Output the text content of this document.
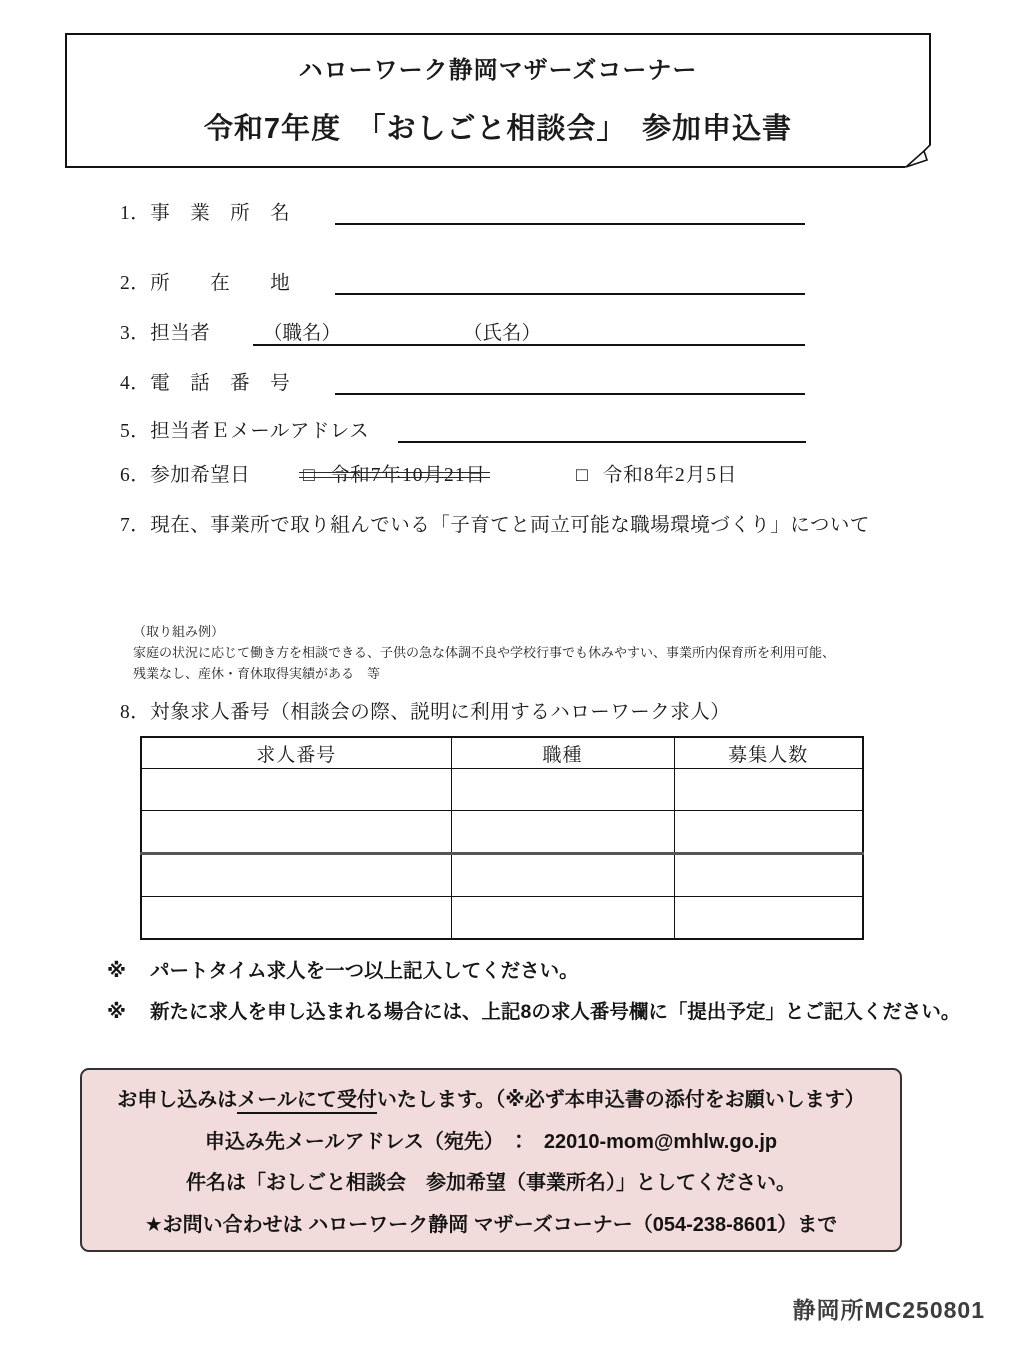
ハローワーク静岡マザーズコーナー
令和7年度　「おしごと相談会」　参加申込書
1．事　業　所　名
2．所　　在　　地
3．担当者	（職名）	（氏名）
4．電　話　番　号
5．担当者Ｅメールアドレス
6．参加希望日	□ 令和7年10月21日	□ 令和8年2月5日
7．現在、事業所で取り組んでいる「子育てと両立可能な職場環境づくり」について
（取り組み例）
家庭の状況に応じて働き方を相談できる、子供の急な体調不良や学校行事でも休みやすい、事業所内保育所を利用可能、
残業なし、産休・育休取得実績がある　等
8．対象求人番号（相談会の際、説明に利用するハローワーク求人）
求人番号	職種	募集人数

※ パートタイム求人を一つ以上記入してください。
※ 新たに求人を申し込まれる場合には、上記8の求人番号欄に「提出予定」とご記入ください。
お申し込みはメールにて受付いたします。（※必ず本申込書の添付をお願いします）
申込み先メールアドレス（宛先）　：　22010-mom@mhlw.go.jp
件名は「おしごと相談会　参加希望（事業所名）」としてください。
★お問い合わせは ハローワーク静岡 マザーズコーナー（054-238-8601）まで
静岡所MC250801
